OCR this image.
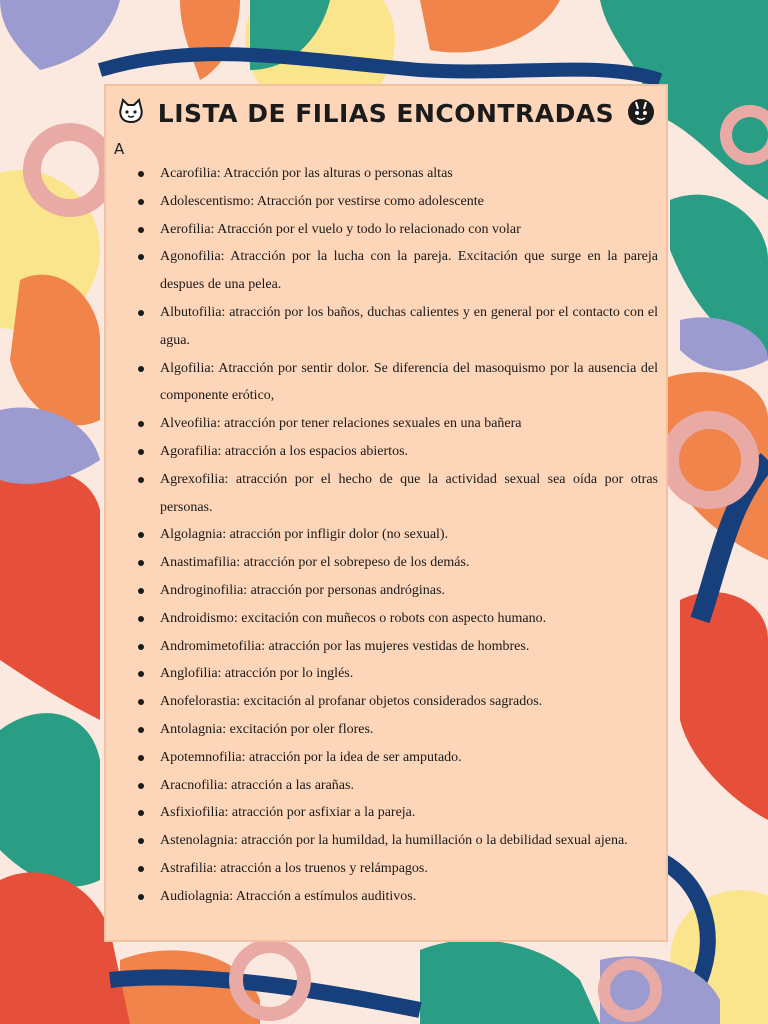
LISTA DE FILIAS ENCONTRADAS
A
Acarofilia: Atracción por las alturas o personas altas
Adolescentismo: Atracción por vestirse como adolescente
Aerofilia: Atracción por el vuelo y todo lo relacionado con volar
Agonofilia: Atracción por la lucha con la pareja. Excitación que surge en la pareja despues de una pelea.
Albutofilia: atracción por los baños, duchas calientes y en general por el contacto con el agua.
Algofilia: Atracción por sentir dolor. Se diferencia del masoquismo por la ausencia del componente erótico,
Alveofilia: atracción por tener relaciones sexuales en una bañera
Agorafilia: atracción a los espacios abiertos.
Agrexofilia: atracción por el hecho de que la actividad sexual sea oída por otras personas.
Algolagnia: atracción por infligir dolor (no sexual).
Anastimafilia: atracción por el sobrepeso de los demás.
Androginofilia: atracción por personas andróginas.
Androidismo: excitación con muñecos o robots con aspecto humano.
Andromimetofilia: atracción por las mujeres vestidas de hombres.
Anglofilia: atracción por lo inglés.
Anofelorastia: excitación al profanar objetos considerados sagrados.
Antolagnia: excitación por oler flores.
Apotemnofilia: atracción por la idea de ser amputado.
Aracnofilia: atracción a las arañas.
Asfixiofilia: atracción por asfixiar a la pareja.
Astenolagnia: atracción por la humildad, la humillación o la debilidad sexual ajena.
Astrafilia: atracción a los truenos y relámpagos.
Audiolagnia: Atracción a estímulos auditivos.
